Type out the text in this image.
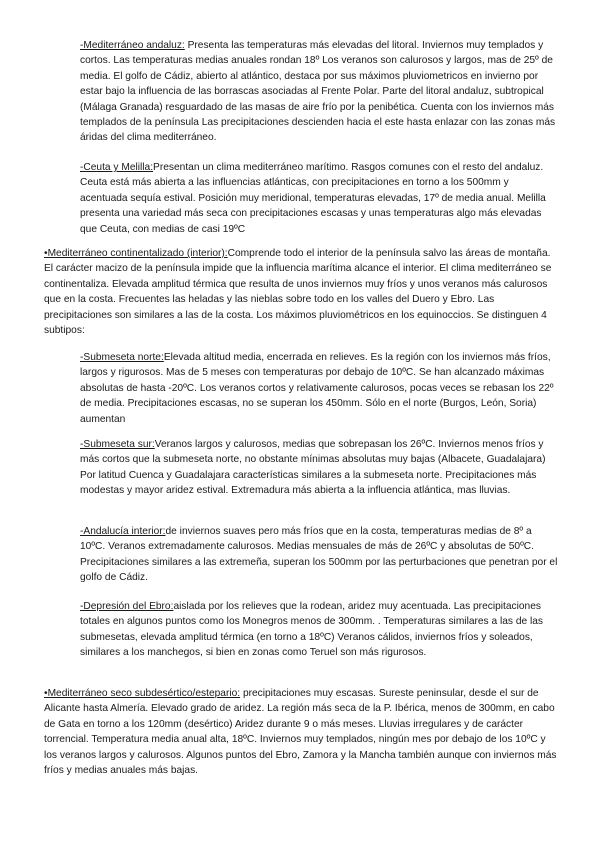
-Mediterráneo andaluz: Presenta las temperaturas más elevadas del litoral. Inviernos muy templados y cortos. Las temperaturas medias anuales rondan 18º Los veranos son calurosos y largos, mas de 25º de media. El golfo de Cádiz, abierto al atlántico, destaca por sus máximos pluviometricos en invierno por estar bajo la influencia de las borrascas asociadas al Frente Polar. Parte del litoral andaluz, subtropical (Málaga Granada) resguardado de las masas de aire frío por la penibética. Cuenta con los inviernos más templados de la península Las precipitaciones descienden hacia el este hasta enlazar con las zonas más áridas del clima mediterráneo.

-Ceuta y Melilla:Presentan un clima mediterráneo marítimo. Rasgos comunes con el resto del andaluz. Ceuta está más abierta a las influencias atlánticas, con precipitaciones en torno a los 500mm y acentuada sequía estival. Posición muy meridional, temperaturas elevadas, 17º de media anual. Melilla presenta una variedad más seca con precipitaciones escasas y unas temperaturas algo más elevadas que Ceuta, con medias de casi 19ºC

•Mediterráneo continentalizado (interior):Comprende todo el interior de la península salvo las áreas de montaña. El carácter macizo de la península impide que la influencia marítima alcance el interior. El clima mediterráneo se continentaliza. Elevada amplitud térmica que resulta de unos inviernos muy fríos y unos veranos más calurosos que en la costa. Frecuentes las heladas y las nieblas sobre todo en los valles del Duero y Ebro. Las precipitaciones son similares a las de la costa. Los máximos pluviométricos en los equinoccios. Se distinguen 4 subtipos:

-Submeseta norte:Elevada altitud media, encerrada en relieves. Es la región con los inviernos más fríos, largos y rigurosos. Mas de 5 meses con temperaturas por debajo de 10ºC. Se han alcanzado máximas absolutas de hasta -20ºC. Los veranos cortos y relativamente calurosos, pocas veces se rebasan los 22º de media. Precipitaciones escasas, no se superan los 450mm. Sólo en el norte (Burgos, León, Soria) aumentan

-Submeseta sur:Veranos largos y calurosos, medias que sobrepasan los 26ºC. Inviernos menos fríos y más cortos que la submeseta norte, no obstante mínimas absolutas muy bajas (Albacete, Guadalajara) Por latitud Cuenca y Guadalajara características similares a la submeseta norte. Precipitaciones más modestas y mayor aridez estival. Extremadura más abierta a la influencia atlántica, mas lluvias.

-Andalucía interior:de inviernos suaves pero más fríos que en la costa, temperaturas medias de 8º a 10ºC. Veranos extremadamente calurosos. Medias mensuales de más de 26ºC y absolutas de 50ºC. Precipitaciones similares a las extremeña, superan los 500mm por las perturbaciones que penetran por el golfo de Cádiz.

-Depresión del Ebro:aislada por los relieves que la rodean, aridez muy acentuada. Las precipitaciones totales en algunos puntos como los Monegros menos de 300mm. . Temperaturas similares a las de las submesetas, elevada amplitud térmica (en torno a 18ºC) Veranos cálidos, inviernos fríos y soleados, similares a los manchegos, si bien en zonas como Teruel son más rigurosos.

•Mediterráneo seco subdesértico/estepario: precipitaciones muy escasas. Sureste peninsular, desde el sur de Alicante hasta Almería. Elevado grado de aridez. La región más seca de la P. Ibérica, menos de 300mm, en cabo de Gata en torno a los 120mm (desértico) Aridez durante 9 o más meses. Lluvias irregulares y de carácter torrencial. Temperatura media anual alta, 18ºC. Inviernos muy templados, ningún mes por debajo de los 10ºC y los veranos largos y calurosos. Algunos puntos del Ebro, Zamora y la Mancha también aunque con inviernos más fríos y medias anuales más bajas.
